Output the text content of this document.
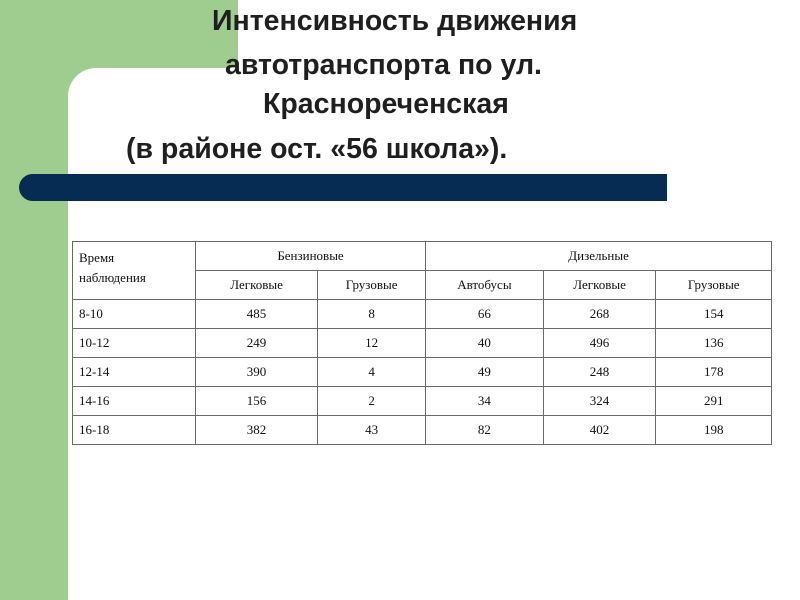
Интенсивность движения
автотранспорта по ул.
Краснореченская
(в районе ост. «56 школа»).
Время
наблюдения	Бензиновые		Дизельные		
	Легковые	Грузовые	Автобусы	Легковые	Грузовые
8-10	485	8	66	268	154
10-12	249	12	40	496	136
12-14	390	4	49	248	178
14-16	156	2	34	324	291
16-18	382	43	82	402	198
